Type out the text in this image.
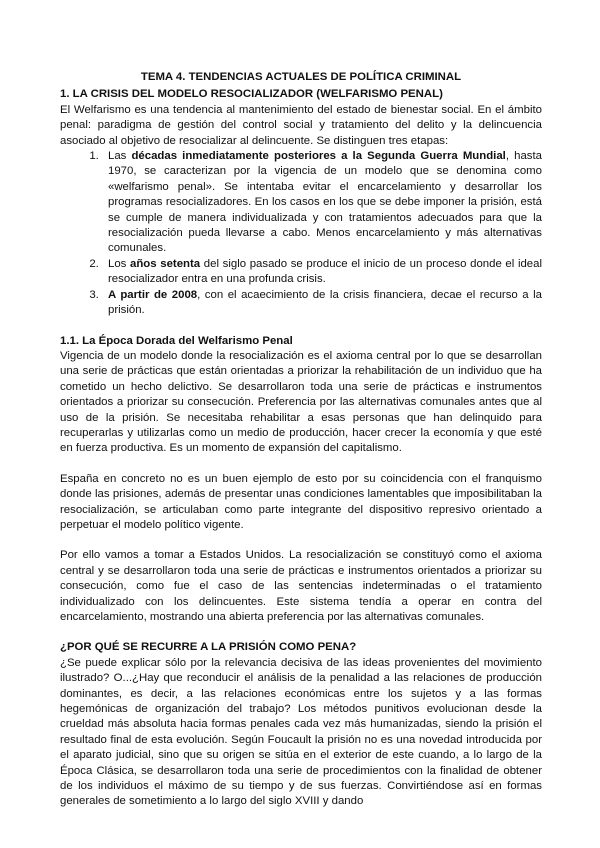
TEMA 4. TENDENCIAS ACTUALES DE POLÍTICA CRIMINAL
1. LA CRISIS DEL MODELO RESOCIALIZADOR (WELFARISMO PENAL)

El Welfarismo es una tendencia al mantenimiento del estado de bienestar social. En el ámbito penal: paradigma de gestión del control social y tratamiento del delito y la delincuencia asociado al objetivo de resocializar al delincuente. Se distinguen tres etapas:

1. Las décadas inmediatamente posteriores a la Segunda Guerra Mundial, hasta 1970, se caracterizan por la vigencia de un modelo que se denomina como «welfarismo penal». Se intentaba evitar el encarcelamiento y desarrollar los programas resocializadores. En los casos en los que se debe imponer la prisión, está se cumple de manera individualizada y con tratamientos adecuados para que la resocialización pueda llevarse a cabo. Menos encarcelamiento y más alternativas comunales.
2. Los años setenta del siglo pasado se produce el inicio de un proceso donde el ideal resocializador entra en una profunda crisis.
3. A partir de 2008, con el acaecimiento de la crisis financiera, decae el recurso a la prisión.
1.1. La Época Dorada del Welfarismo Penal

Vigencia de un modelo donde la resocialización es el axioma central por lo que se desarrollan una serie de prácticas que están orientadas a priorizar la rehabilitación de un individuo que ha cometido un hecho delictivo. Se desarrollaron toda una serie de prácticas e instrumentos orientados a priorizar su consecución. Preferencia por las alternativas comunales antes que al uso de la prisión. Se necesitaba rehabilitar a esas personas que han delinquido para recuperarlas y utilizarlas como un medio de producción, hacer crecer la economía y que esté en fuerza productiva. Es un momento de expansión del capitalismo.

España en concreto no es un buen ejemplo de esto por su coincidencia con el franquismo donde las prisiones, además de presentar unas condiciones lamentables que imposibilitaban la resocialización, se articulaban como parte integrante del dispositivo represivo orientado a perpetuar el modelo político vigente.

Por ello vamos a tomar a Estados Unidos. La resocialización se constituyó como el axioma central y se desarrollaron toda una serie de prácticas e instrumentos orientados a priorizar su consecución, como fue el caso de las sentencias indeterminadas o el tratamiento individualizado con los delincuentes. Este sistema tendía a operar en contra del encarcelamiento, mostrando una abierta preferencia por las alternativas comunales.

¿POR QUÉ SE RECURRE A LA PRISIÓN COMO PENA?

¿Se puede explicar sólo por la relevancia decisiva de las ideas provenientes del movimiento ilustrado? O...¿Hay que reconducir el análisis de la penalidad a las relaciones de producción dominantes, es decir, a las relaciones económicas entre los sujetos y a las formas hegemónicas de organización del trabajo? Los métodos punitivos evolucionan desde la crueldad más absoluta hacia formas penales cada vez más humanizadas, siendo la prisión el resultado final de esta evolución. Según Foucault la prisión no es una novedad introducida por el aparato judicial, sino que su origen se sitúa en el exterior de este cuando, a lo largo de la Época Clásica, se desarrollaron toda una serie de procedimientos con la finalidad de obtener de los individuos el máximo de su tiempo y de sus fuerzas. Convirtiéndose así en formas generales de sometimiento a lo largo del siglo XVIII y dando
